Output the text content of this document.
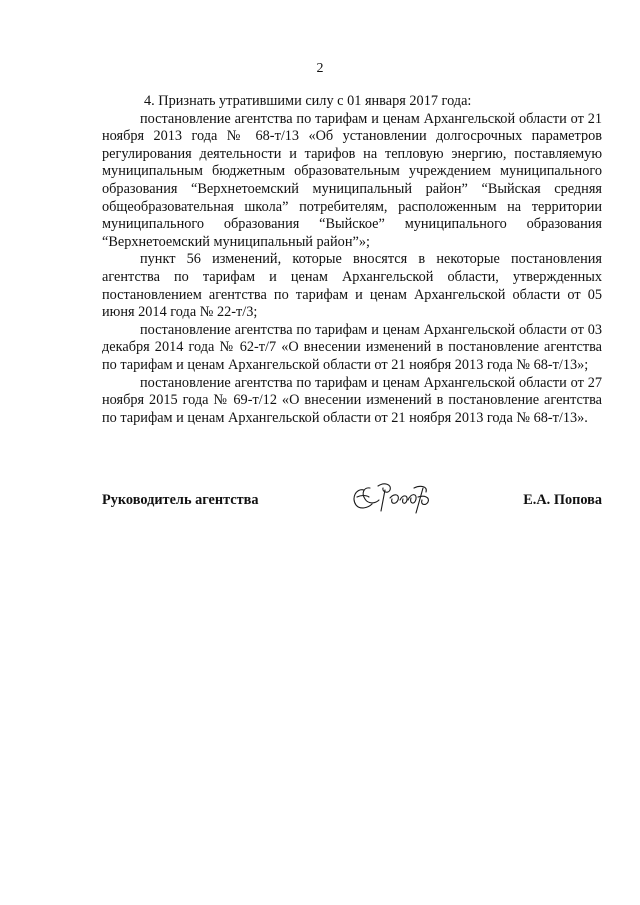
2

4. Признать утратившими силу с 01 января 2017 года:

постановление агентства по тарифам и ценам Архангельской области от 21 ноября 2013 года № 68-т/13 «Об установлении долгосрочных параметров регулирования деятельности и тарифов на тепловую энергию, поставляемую муниципальным бюджетным образовательным учреждением муниципального образования “Верхнетоемский муниципальный район” “Выйская средняя общеобразовательная школа” потребителям, расположенным на территории муниципального образования “Выйское” муниципального образования “Верхнетоемский муниципальный район”»;

пункт 56 изменений, которые вносятся в некоторые постановления агентства по тарифам и ценам Архангельской области, утвержденных постановлением агентства по тарифам и ценам Архангельской области от 05 июня 2014 года № 22-т/3;

постановление агентства по тарифам и ценам Архангельской области от 03 декабря 2014 года № 62-т/7 «О внесении изменений в постановление агентства по тарифам и ценам Архангельской области от 21 ноября 2013 года № 68-т/13»;

постановление агентства по тарифам и ценам Архангельской области от 27 ноября 2015 года № 69-т/12 «О внесении изменений в постановление агентства по тарифам и ценам Архангельской области от 21 ноября 2013 года № 68-т/13».

Руководитель агентства	Е.А. Попова
